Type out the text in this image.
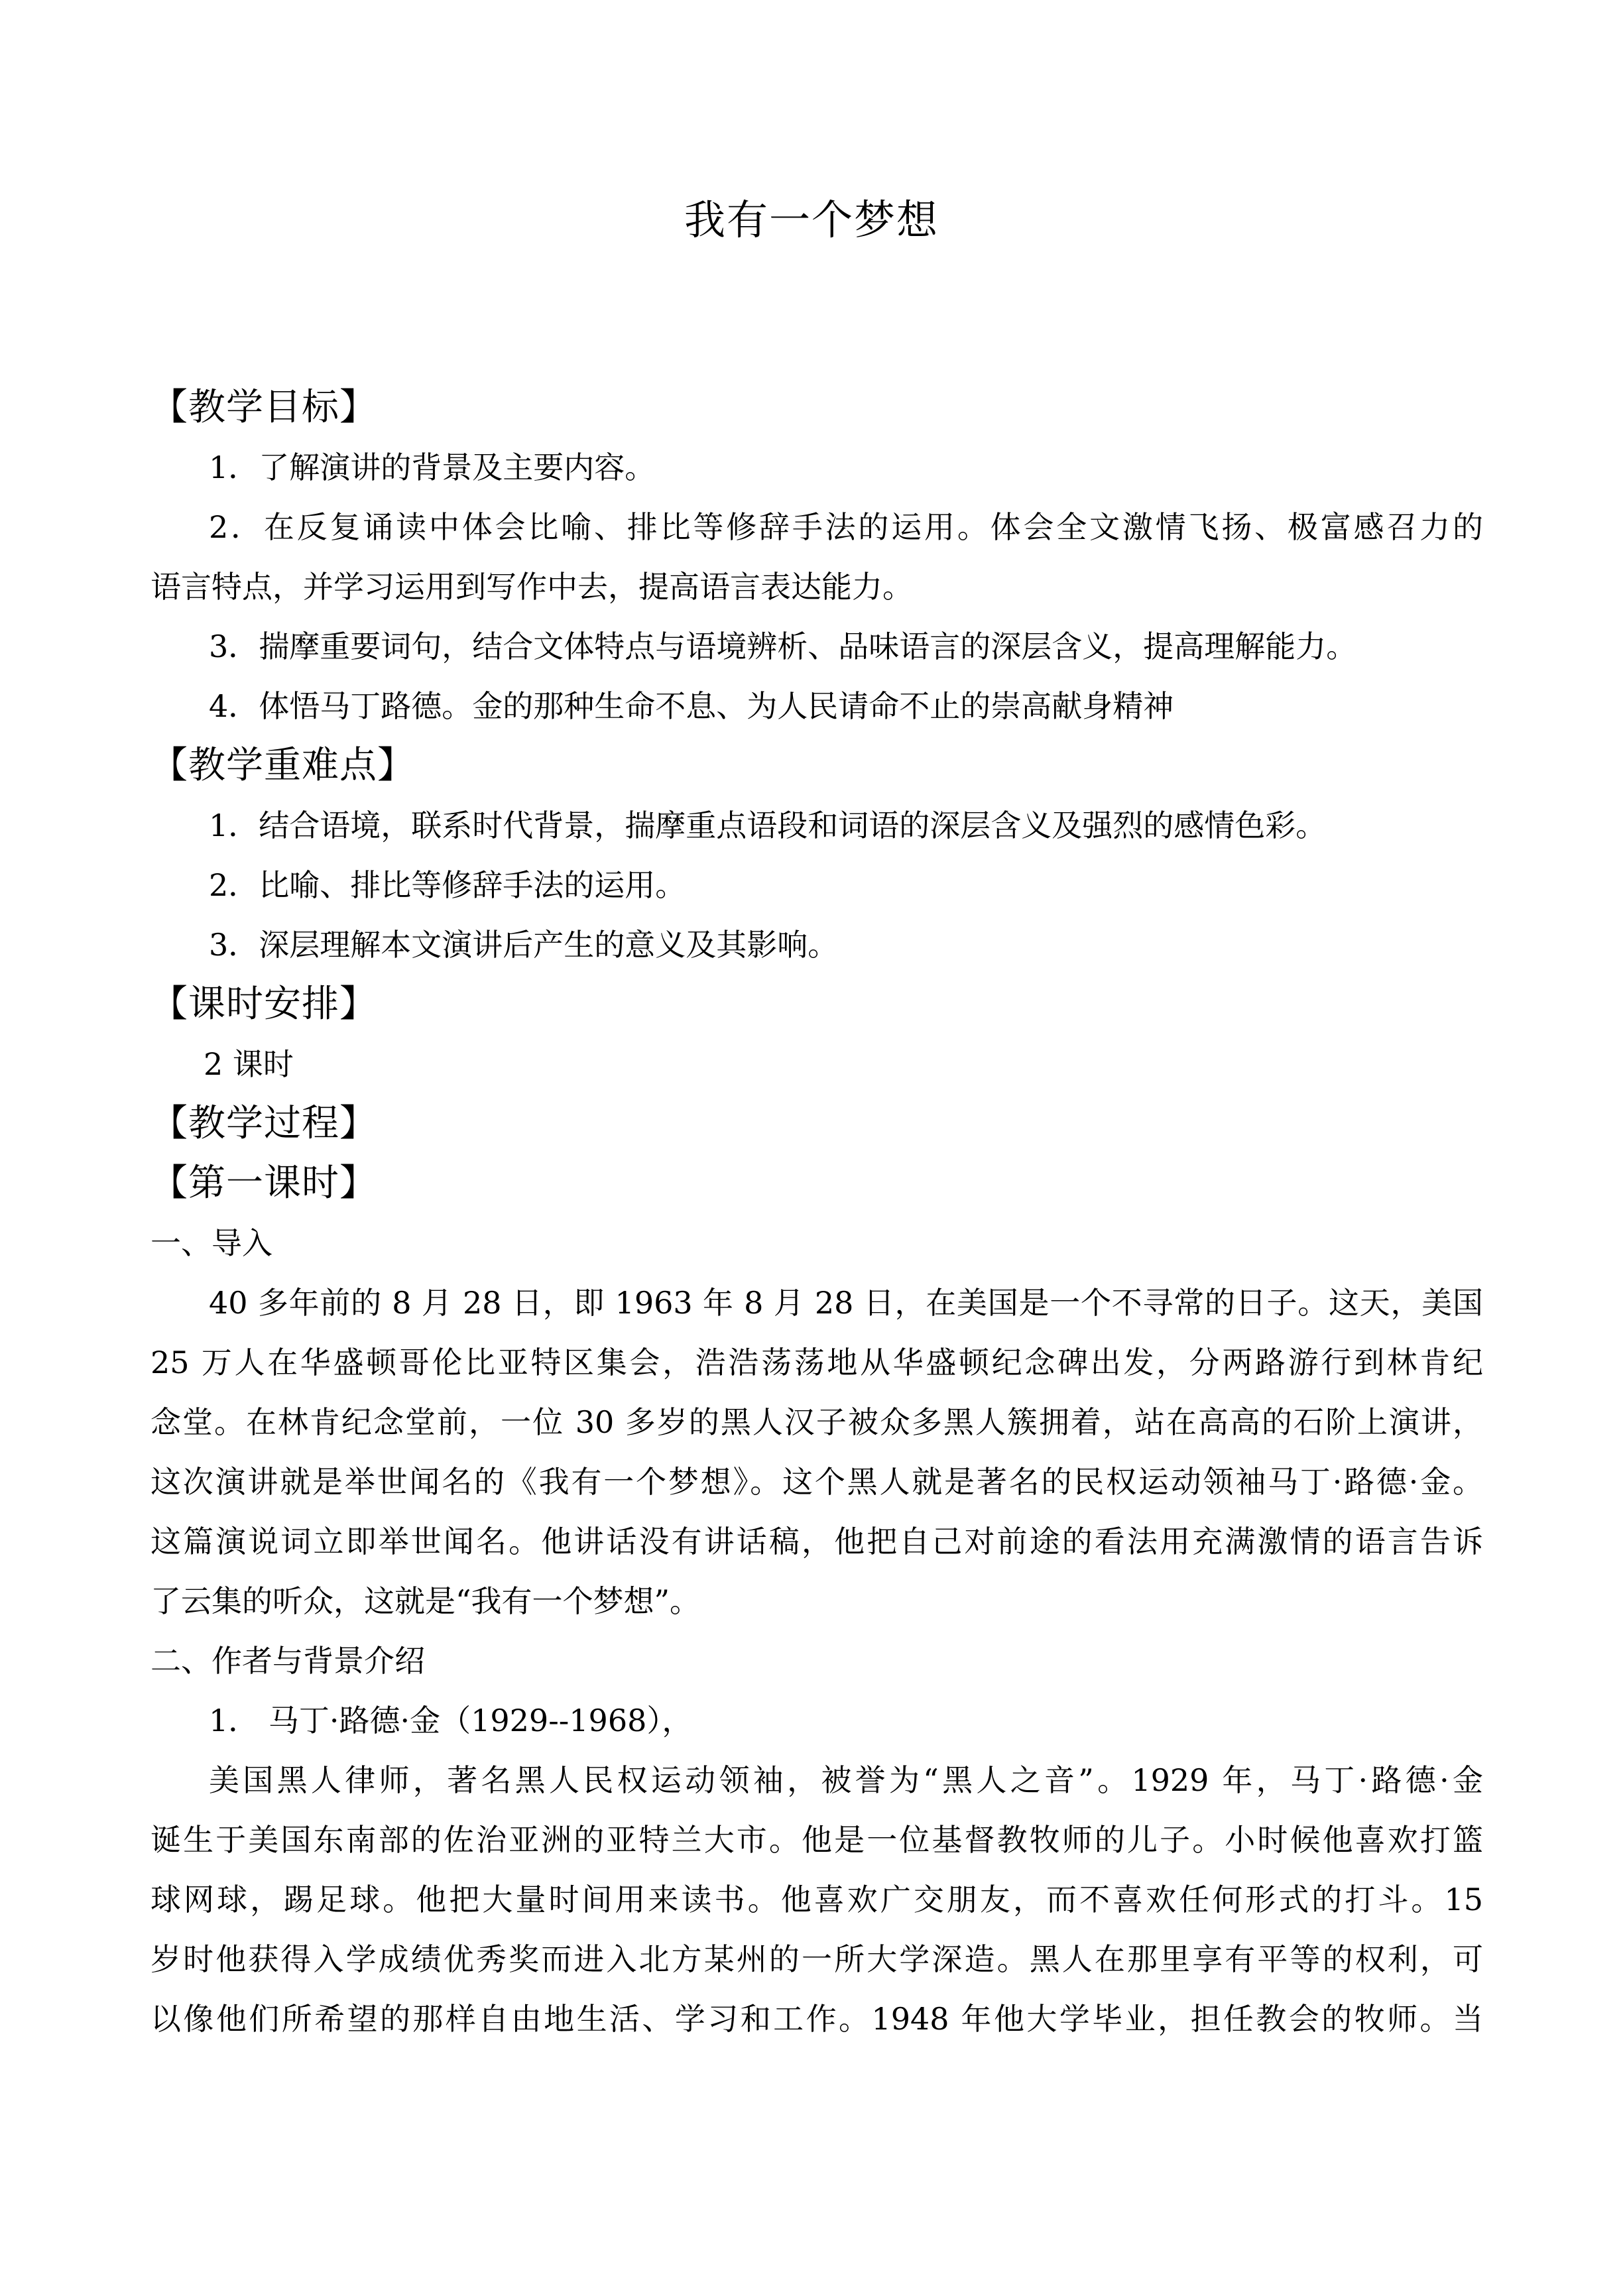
我有一个梦想

【教学目标】

1．了解演讲的背景及主要内容。

2．在反复诵读中体会比喻、排比等修辞手法的运用。体会全文激情飞扬、极富感召力的

语言特点，并学习运用到写作中去，提高语言表达能力。

3．揣摩重要词句，结合文体特点与语境辨析、品味语言的深层含义，提高理解能力。

4．体悟马丁路德。金的那种生命不息、为人民请命不止的崇高献身精神

【教学重难点】

1．结合语境，联系时代背景，揣摩重点语段和词语的深层含义及强烈的感情色彩。

2．比喻、排比等修辞手法的运用。

3．深层理解本文演讲后产生的意义及其影响。

【课时安排】

2 课时

【教学过程】

【第一课时】

一、导入

40 多年前的 8 月 28 日，即 1963 年 8 月 28 日，在美国是一个不寻常的日子。这天，美国

25 万人在华盛顿哥伦比亚特区集会，浩浩荡荡地从华盛顿纪念碑出发，分两路游行到林肯纪

念堂。在林肯纪念堂前，一位 30 多岁的黑人汉子被众多黑人簇拥着，站在高高的石阶上演讲，

这次演讲就是举世闻名的《我有一个梦想》。这个黑人就是著名的民权运动领袖马丁·路德·金。

这篇演说词立即举世闻名。他讲话没有讲话稿，他把自己对前途的看法用充满激情的语言告诉

了云集的听众，这就是“我有一个梦想”。

二、作者与背景介绍

1． 马丁·路德·金（1929--1968），

美国黑人律师，著名黑人民权运动领袖，被誉为“黑人之音”。1929 年，马丁·路德·金

诞生于美国东南部的佐治亚洲的亚特兰大市。他是一位基督教牧师的儿子。小时候他喜欢打篮

球网球，踢足球。他把大量时间用来读书。他喜欢广交朋友，而不喜欢任何形式的打斗。15

岁时他获得入学成绩优秀奖而进入北方某州的一所大学深造。黑人在那里享有平等的权利，可

以像他们所希望的那样自由地生活、学习和工作。1948 年他大学毕业，担任教会的牧师。当
